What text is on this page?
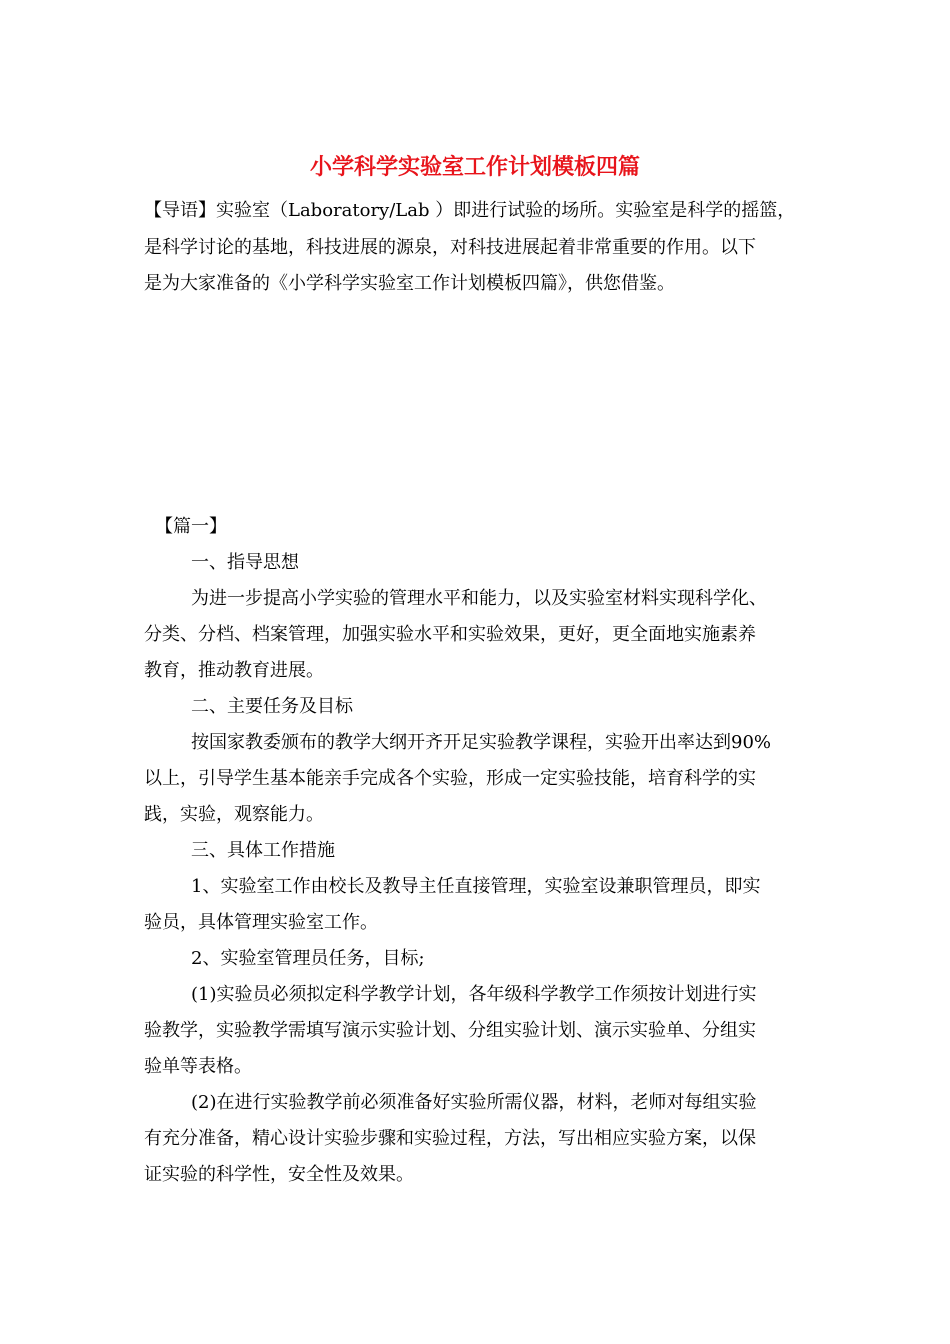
小学科学实验室工作计划模板四篇
【导语】实验室（Laboratory/Lab ）即进行试验的场所。实验室是科学的摇篮，
是科学讨论的基地，科技进展的源泉，对科技进展起着非常重要的作用。以下
是为大家准备的《小学科学实验室工作计划模板四篇》，供您借鉴。
【篇一】
一、指导思想
为进一步提高小学实验的管理水平和能力，以及实验室材料实现科学化、
分类、分档、档案管理，加强实验水平和实验效果，更好，更全面地实施素养
教育，推动教育进展。
二、主要任务及目标
按国家教委颁布的教学大纲开齐开足实验教学课程，实验开出率达到90%
以上，引导学生基本能亲手完成各个实验，形成一定实验技能，培育科学的实
践，实验，观察能力。
三、具体工作措施
1、实验室工作由校长及教导主任直接管理，实验室设兼职管理员，即实
验员，具体管理实验室工作。
2、实验室管理员任务，目标;
(1)实验员必须拟定科学教学计划，各年级科学教学工作须按计划进行实
验教学，实验教学需填写演示实验计划、分组实验计划、演示实验单、分组实
验单等表格。
(2)在进行实验教学前必须准备好实验所需仪器，材料，老师对每组实验
有充分准备，精心设计实验步骤和实验过程，方法，写出相应实验方案，以保
证实验的科学性，安全性及效果。
